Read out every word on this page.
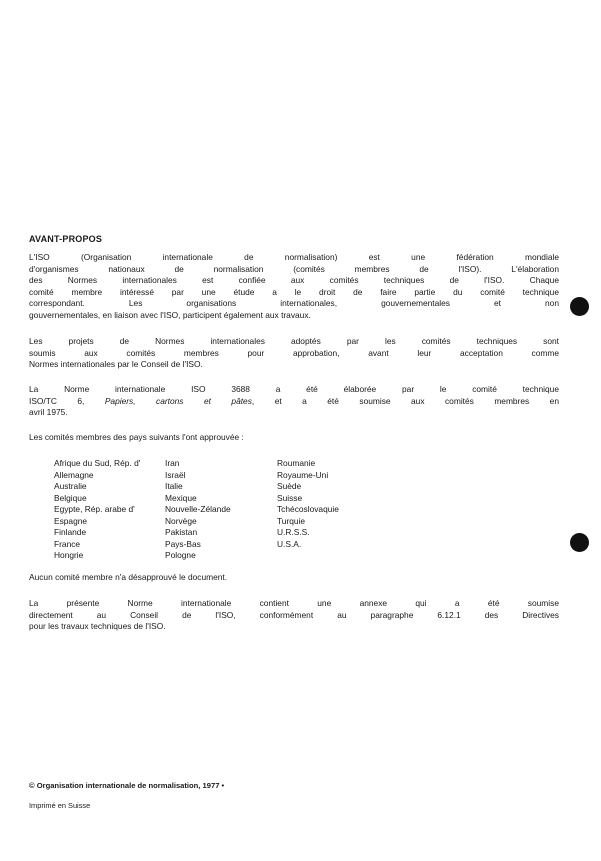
AVANT-PROPOS
L'ISO (Organisation internationale de normalisation) est une fédération mondiale
d'organismes nationaux de normalisation (comités membres de l'ISO). L'élaboration
des Normes internationales est confiée aux comités techniques de l'ISO. Chaque
comité membre intéressé par une étude a le droit de faire partie du comité technique
correspondant. Les organisations internationales, gouvernementales et non
gouvernementales, en liaison avec l'ISO, participent également aux travaux.
Les projets de Normes internationales adoptés par les comités techniques sont
soumis aux comités membres pour approbation, avant leur acceptation comme
Normes internationales par le Conseil de l'ISO.
La Norme internationale ISO 3688 a été élaborée par le comité technique
ISO/TC 6, Papiers, cartons et pâtes, et a été soumise aux comités membres en
avril 1975.
Les comités membres des pays suivants l'ont approuvée :
Afrique du Sud, Rép. d'
Allemagne
Australie
Belgique
Egypte, Rép. arabe d'
Espagne
Finlande
France
Hongrie
Iran
Israël
Italie
Mexique
Nouvelle-Zélande
Norvège
Pakistan
Pays-Bas
Pologne
Roumanie
Royaume-Uni
Suède
Suisse
Tchécoslovaquie
Turquie
U.R.S.S.
U.S.A.
Aucun comité membre n'a désapprouvé le document.
La présente Norme internationale contient une annexe qui a été soumise
directement au Conseil de l'ISO, conformément au paragraphe 6.12.1 des Directives
pour les travaux techniques de l'ISO.
© Organisation internationale de normalisation, 1977 •
Imprimé en Suisse
